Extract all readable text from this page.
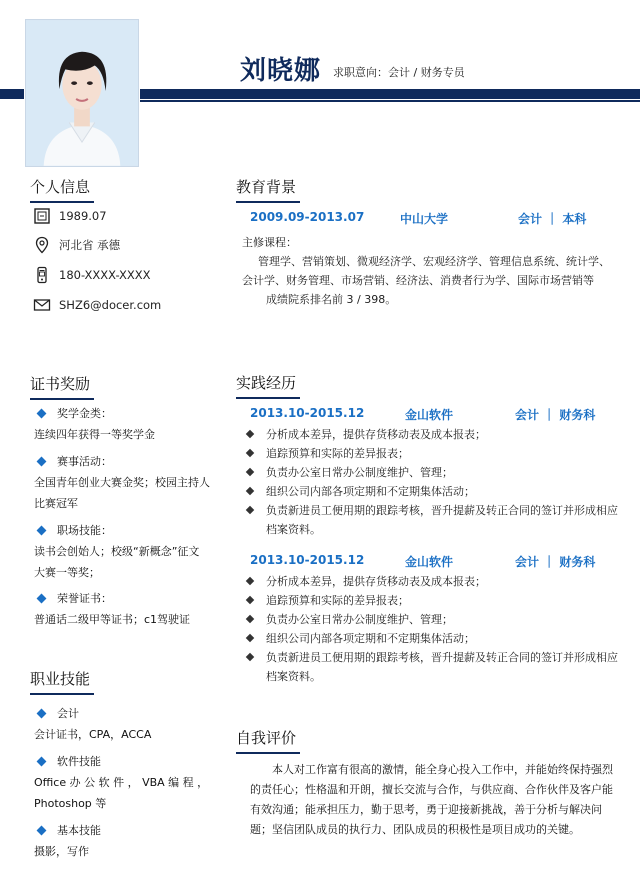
刘晓娜 求职意向：会计 / 财务专员
个人信息
1989.07
河北省 承德
180-XXXX-XXXX
SHZ6@docer.com
证书奖励
奖学金类：
连续四年获得一等奖学金
赛事活动：
全国青年创业大赛金奖；校园主持人
比赛冠军
职场技能：
读书会创始人；校级“新概念”征文
大赛一等奖；
荣誉证书：
普通话二级甲等证书；c1驾驶证
职业技能
会计
会计证书，CPA，ACCA
软件技能
Office 办 公 软 件 ， VBA 编 程 ，
Photoshop 等
基本技能
摄影，写作
教育背景
2009.09-2013.07	中山大学	会计 ｜ 本科
主修课程：
管理学、营销策划、微观经济学、宏观经济学、管理信息系统、统计学、
会计学、财务管理、市场营销、经济法、消费者行为学、国际市场营销等
成绩院系排名前 3 / 398。
实践经历
2013.10-2015.12	金山软件	会计 ｜ 财务科
分析成本差异，提供存货移动表及成本报表；
追踪预算和实际的差异报表；
负责办公室日常办公制度维护、管理；
组织公司内部各项定期和不定期集体活动；
负责新进员工便用期的跟踪考核，晋升提薪及转正合同的签订并形成相应档案资料。
2013.10-2015.12	金山软件	会计 ｜ 财务科
分析成本差异，提供存货移动表及成本报表；
追踪预算和实际的差异报表；
负责办公室日常办公制度维护、管理；
组织公司内部各项定期和不定期集体活动；
负责新进员工便用期的跟踪考核，晋升提薪及转正合同的签订并形成相应档案资料。
自我评价
本人对工作富有很高的激情，能全身心投入工作中，并能始终保持强烈的责任心；性格温和开朗，擅长交流与合作，与供应商、合作伙伴及客户能有效沟通；能承担压力，勤于思考，勇于迎接新挑战，善于分析与解决问题；坚信团队成员的执行力、团队成员的积极性是项目成功的关键。
